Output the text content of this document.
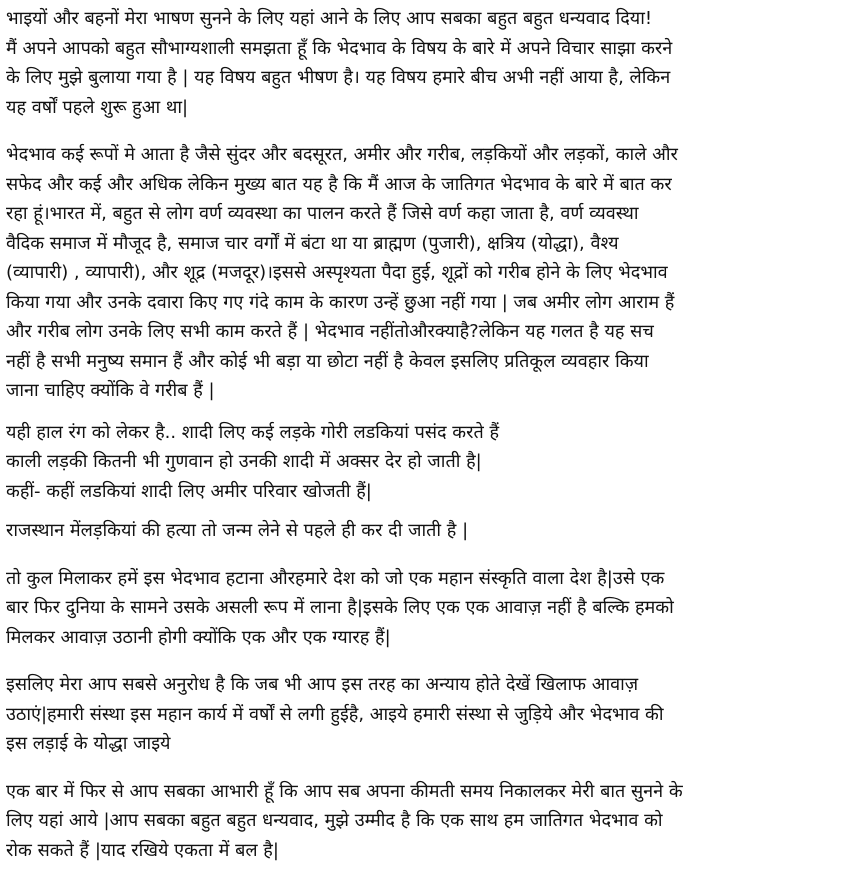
भाइयों और बहनों मेरा भाषण सुनने के लिए यहां आने के लिए आप सबका बहुत बहुत धन्यवाद दिया!
मैं अपने आपको बहुत सौभाग्यशाली समझता हूँ कि भेदभाव के विषय के बारे में अपने विचार साझा करने
के लिए मुझे बुलाया गया है | यह विषय बहुत भीषण है। यह विषय हमारे बीच अभी नहीं आया है, लेकिन
यह वर्षों पहले शुरू हुआ था|
भेदभाव कई रूपों मे आता है जैसे सुंदर और बदसूरत, अमीर और गरीब, लड़कियों और लड़कों, काले और
सफेद और कई और अधिक लेकिन मुख्य बात यह है कि मैं आज के जातिगत भेदभाव के बारे में बात कर
रहा हूं।भारत में, बहुत से लोग वर्ण व्यवस्था का पालन करते हैं जिसे वर्ण कहा जाता है, वर्ण व्यवस्था
वैदिक समाज में मौजूद है, समाज चार वर्गों में बंटा था या ब्राह्मण (पुजारी), क्षत्रिय (योद्धा), वैश्य
(व्यापारी) , व्यापारी), और शूद्र (मजदूर)।इससे अस्पृश्यता पैदा हुई, शूद्रों को गरीब होने के लिए भेदभाव
किया गया और उनके दवारा किए गए गंदे काम के कारण उन्हें छुआ नहीं गया | जब अमीर लोग आराम हैं
और गरीब लोग उनके लिए सभी काम करते हैं | भेदभाव नहींतोऔरक्याहै?लेकिन यह गलत है यह सच
नहीं है सभी मनुष्य समान हैं और कोई भी बड़ा या छोटा नहीं है केवल इसलिए प्रतिकूल व्यवहार किया
जाना चाहिए क्योंकि वे गरीब हैं |
यही हाल रंग को लेकर है.. शादी लिए कई लड़के गोरी लडकियां पसंद करते हैं
काली लड़की कितनी भी गुणवान हो उनकी शादी में अक्सर देर हो जाती है|
कहीं- कहीं लडकियां शादी लिए अमीर परिवार खोजती हैं|
राजस्थान मेंलड़कियां की हत्या तो जन्म लेने से पहले ही कर दी जाती है |
तो कुल मिलाकर हमें इस भेदभाव हटाना औरहमारे देश को जो एक महान संस्कृति वाला देश है|उसे एक
बार फिर दुनिया के सामने उसके असली रूप में लाना है|इसके लिए एक एक आवाज़ नहीं है बल्कि हमको
मिलकर आवाज़ उठानी होगी क्योंकि एक और एक ग्यारह हैं|
इसलिए मेरा आप सबसे अनुरोध है कि जब भी आप इस तरह का अन्याय होते देखें खिलाफ आवाज़
उठाएं|हमारी संस्था इस महान कार्य में वर्षों से लगी हुईहै, आइये हमारी संस्था से जुड़िये और भेदभाव की
इस लड़ाई के योद्धा जाइये
एक बार में फिर से आप सबका आभारी हूँ कि आप सब अपना कीमती समय निकालकर मेरी बात सुनने के
लिए यहां आये |आप सबका बहुत बहुत धन्यवाद, मुझे उम्मीद है कि एक साथ हम जातिगत भेदभाव को
रोक सकते हैं |याद रखिये एकता में बल है|
